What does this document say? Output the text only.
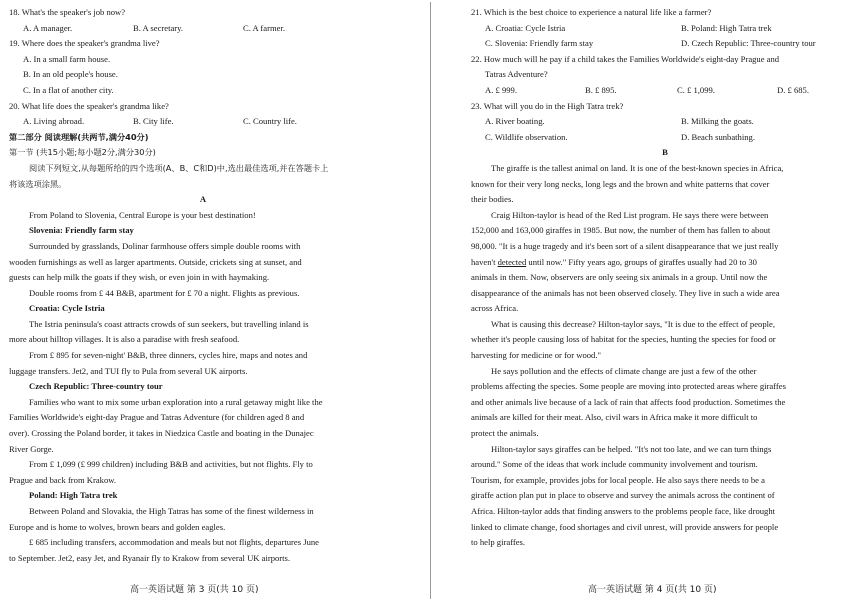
18. What's the speaker's job now?
A. A manager.	B. A secretary.	C. A farmer.
19. Where does the speaker's grandma live?
A. In a small farm house.
B. In an old people's house.
C. In a flat of another city.
20. What life does the speaker's grandma like?
A. Living abroad.	B. City life.	C. Country life.
第二部分 阅读理解(共两节,满分40分)
第一节 (共15小题;每小题2分,满分30分)
阅读下列短文,从每题所给的四个选项(A、B、C和D)中,选出最佳选项,并在答题卡上
将该选项涂黑。
A
From Poland to Slovenia, Central Europe is your best destination!
Slovenia: Friendly farm stay
Surrounded by grasslands, Dolinar farmhouse offers simple double rooms with
wooden furnishings as well as larger apartments. Outside, crickets sing at sunset, and
guests can help milk the goats if they wish, or even join in with haymaking.
Double rooms from £ 44 B&B, apartment for £ 70 a night. Flights as previous.
Croatia: Cycle Istria
The Istria peninsula's coast attracts crowds of sun seekers, but travelling inland is
more about hilltop villages. It is also a paradise with fresh seafood.
From £ 895 for seven-night' B&B, three dinners, cycles hire, maps and notes and
luggage transfers. Jet2, and TUI fly to Pula from several UK airports.
Czech Republic: Three-country tour
Families who want to mix some urban exploration into a rural getaway might like the
Families Worldwide's eight-day Prague and Tatras Adventure (for children aged 8 and
over). Crossing the Poland border, it takes in Niedzica Castle and boating in the Dunajec
River Gorge.
From £ 1,099 (£ 999 children) including B&B and activities, but not flights. Fly to
Prague and back from Krakow.
Poland: High Tatra trek
Between Poland and Slovakia, the High Tatras has some of the finest wilderness in
Europe and is home to wolves, brown bears and golden eagles.
£ 685 including transfers, accommodation and meals but not flights, departures June
to September. Jet2, easy Jet, and Ryanair fly to Krakow from several UK airports.
高一英语试题 第 3 页(共 10 页)
21. Which is the best choice to experience a natural life like a farmer?
A. Croatia: Cycle Istria	B. Poland: High Tatra trek
C. Slovenia: Friendly farm stay	D. Czech Republic: Three-country tour
22. How much will he pay if a child takes the Families Worldwide's eight-day Prague and
Tatras Adventure?
A. £ 999.	B. £ 895.	C. £ 1,099.	D. £ 685.
23. What will you do in the High Tatra trek?
A. River boating.	B. Milking the goats.
C. Wildlife observation.	D. Beach sunbathing.
B
The giraffe is the tallest animal on land. It is one of the best-known species in Africa,
known for their very long necks, long legs and the brown and white patterns that cover
their bodies.
Craig Hilton-taylor is head of the Red List program. He says there were between
152,000 and 163,000 giraffes in 1985. But now, the number of them has fallen to about
98,000. "It is a huge tragedy and it's been sort of a silent disappearance that we just really
haven't detected until now." Fifty years ago, groups of giraffes usually had 20 to 30
animals in them. Now, observers are only seeing six animals in a group. Until now the
disappearance of the animals has not been observed closely. They live in such a wide area
across Africa.
What is causing this decrease? Hilton-taylor says, "It is due to the effect of people,
whether it's people causing loss of habitat for the species, hunting the species for food or
harvesting for medicine or for wood."
He says pollution and the effects of climate change are just a few of the other
problems affecting the species. Some people are moving into protected areas where giraffes
and other animals live because of a lack of rain that affects food production. Sometimes the
animals are killed for their meat. Also, civil wars in Africa make it more difficult to
protect the animals.
Hilton-taylor says giraffes can be helped. "It's not too late, and we can turn things
around." Some of the ideas that work include community involvement and tourism.
Tourism, for example, provides jobs for local people. He also says there needs to be a
giraffe action plan put in place to observe and survey the animals across the continent of
Africa. Hilton-taylor adds that finding answers to the problems people face, like drought
linked to climate change, food shortages and civil unrest, will provide answers for people
to help giraffes.
高一英语试题 第 4 页(共 10 页)
